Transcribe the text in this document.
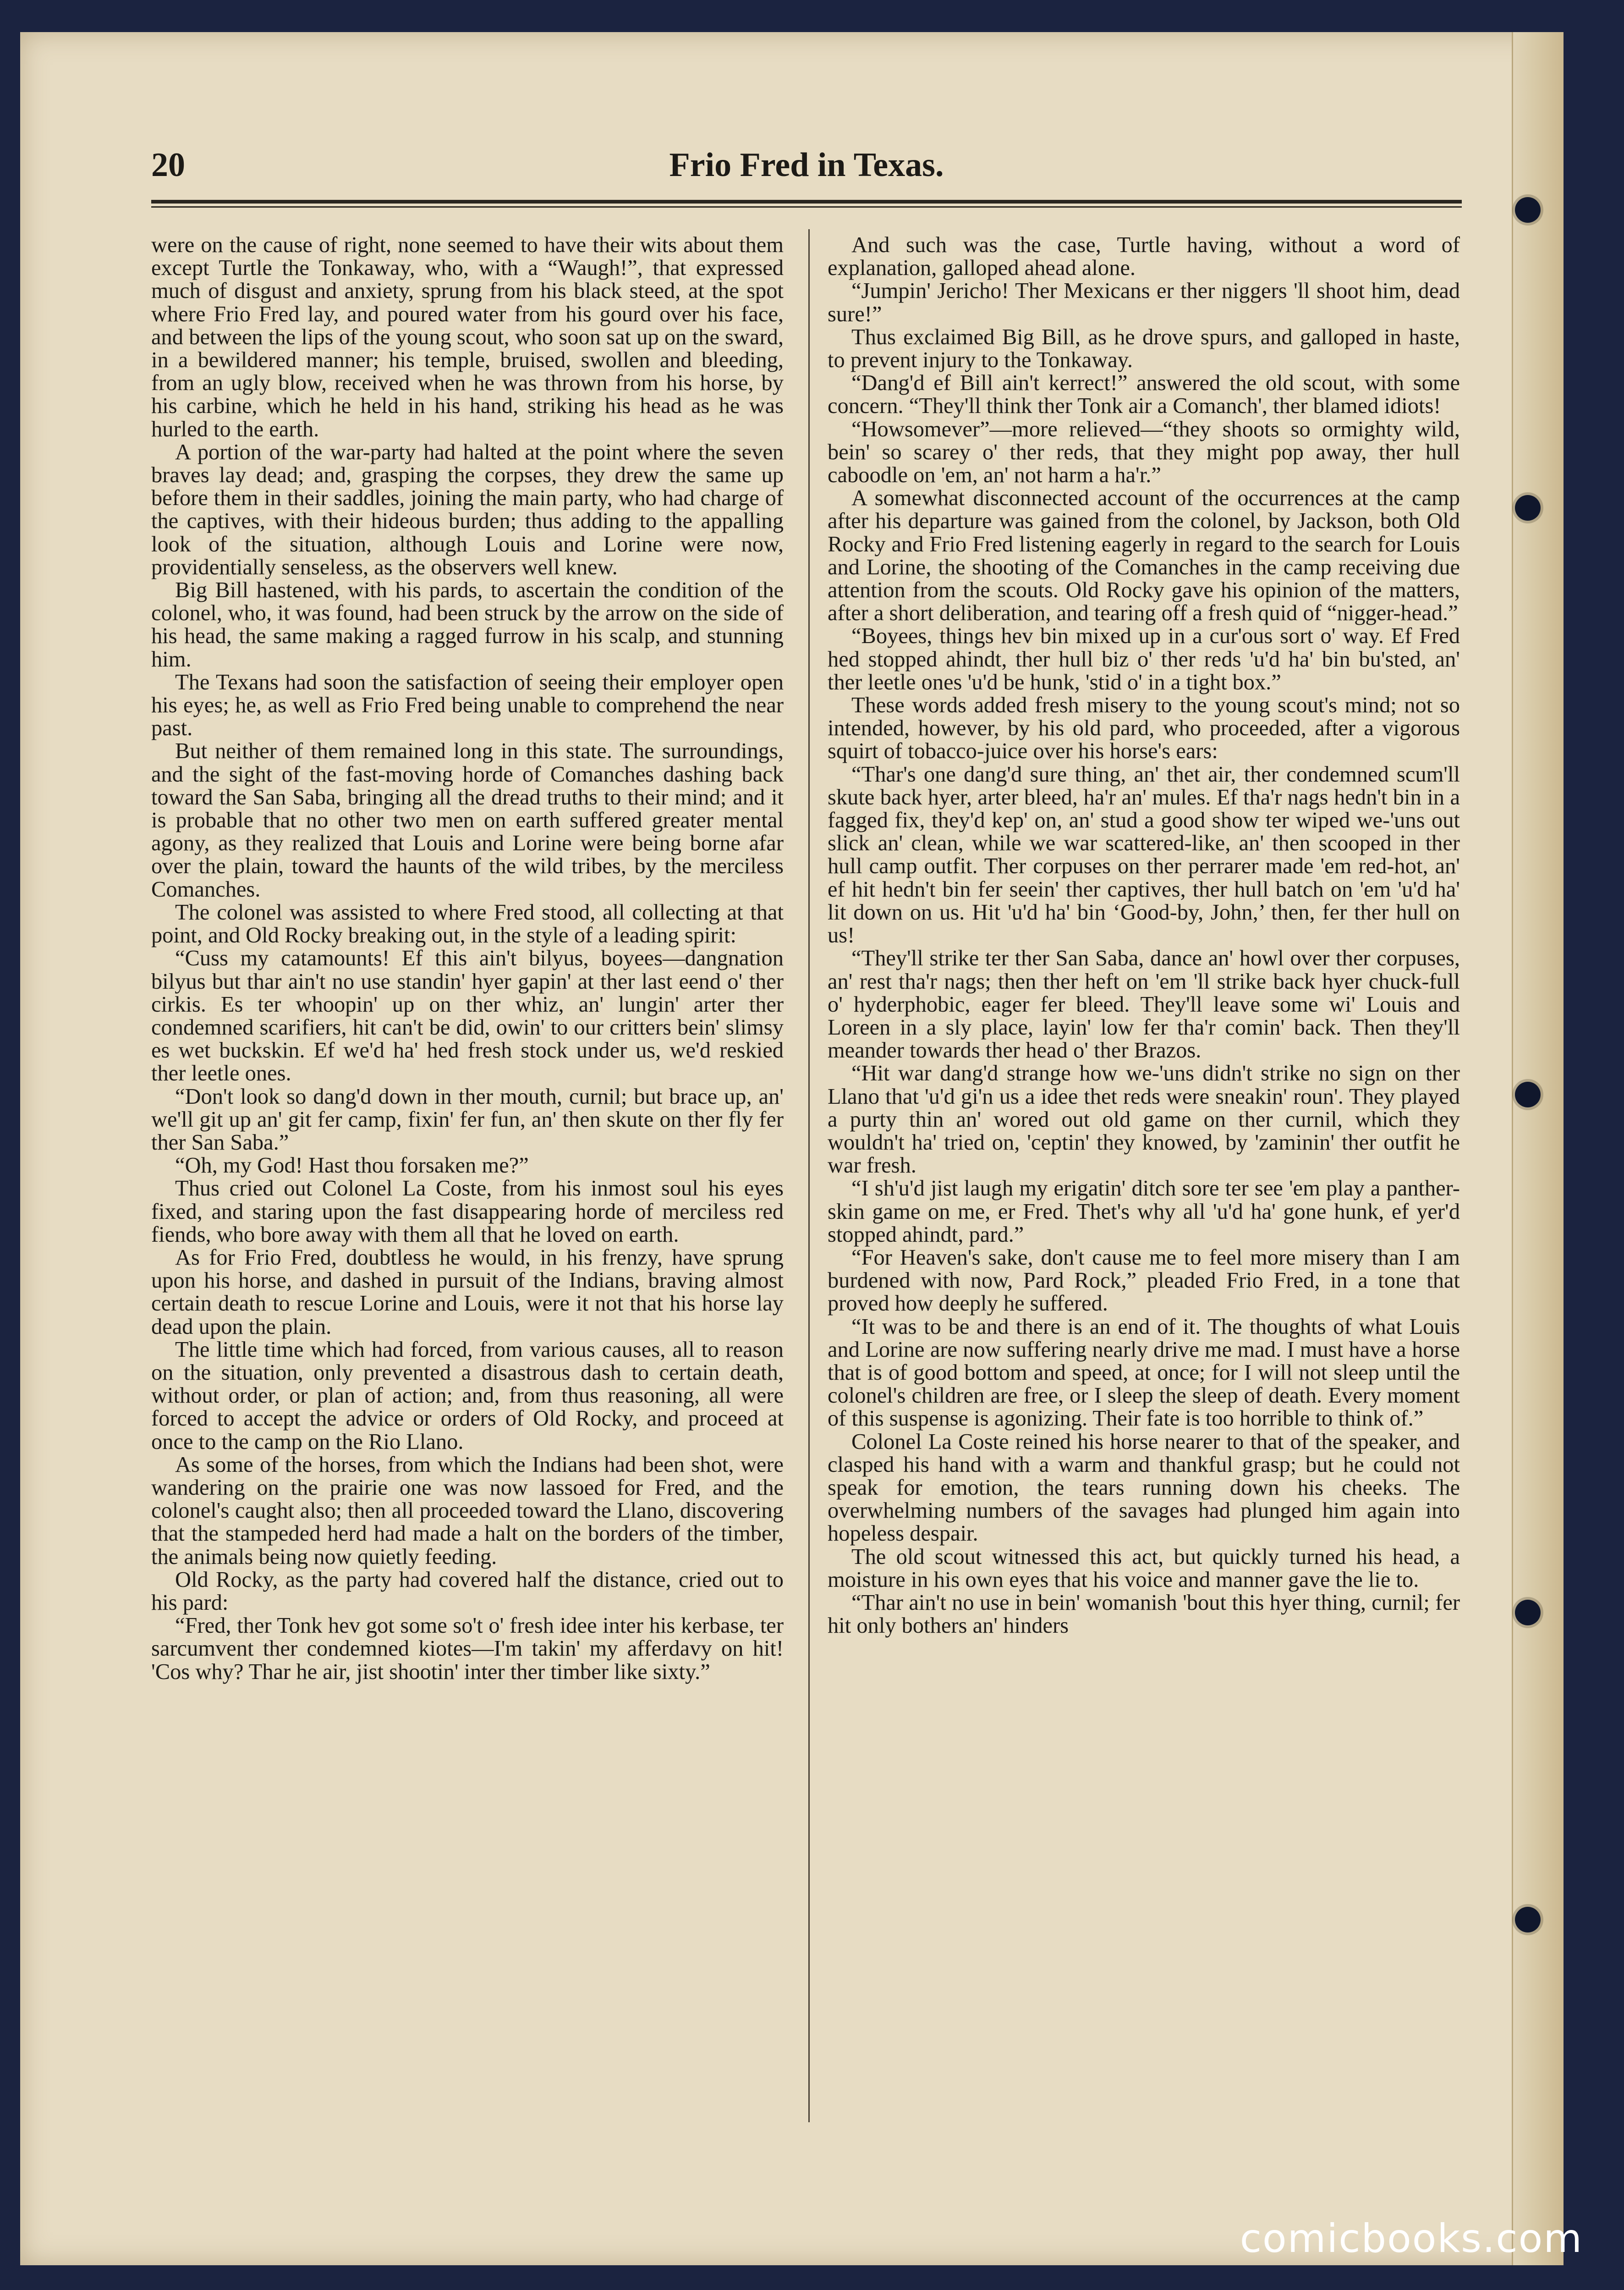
20	Frio Fred in Texas.

were on the cause of right, none seemed to have their wits about them except Turtle the Tonkaway, who, with a “Waugh!”, that expressed much of disgust and anxiety, sprung from his black steed, at the spot where Frio Fred lay, and poured water from his gourd over his face, and between the lips of the young scout, who soon sat up on the sward, in a bewildered manner; his temple, bruised, swollen and bleeding, from an ugly blow, received when he was thrown from his horse, by his carbine, which he held in his hand, striking his head as he was hurled to the earth.

A portion of the war-party had halted at the point where the seven braves lay dead; and, grasping the corpses, they drew the same up before them in their saddles, joining the main party, who had charge of the captives, with their hideous burden; thus adding to the appalling look of the situation, although Louis and Lorine were now, providentially senseless, as the observers well knew.

Big Bill hastened, with his pards, to ascertain the condition of the colonel, who, it was found, had been struck by the arrow on the side of his head, the same making a ragged furrow in his scalp, and stunning him.

The Texans had soon the satisfaction of seeing their employer open his eyes; he, as well as Frio Fred being unable to comprehend the near past.

But neither of them remained long in this state. The surroundings, and the sight of the fast-moving horde of Comanches dashing back toward the San Saba, bringing all the dread truths to their mind; and it is probable that no other two men on earth suffered greater mental agony, as they realized that Louis and Lorine were being borne afar over the plain, toward the haunts of the wild tribes, by the merciless Comanches.

The colonel was assisted to where Fred stood, all collecting at that point, and Old Rocky breaking out, in the style of a leading spirit:

“Cuss my catamounts! Ef this ain't bilyus, boyees—dangnation bilyus but thar ain't no use standin' hyer gapin' at ther last eend o' ther cirkis. Es ter whoopin' up on ther whiz, an' lungin' arter ther condemned scarifiers, hit can't be did, owin' to our critters bein' slimsy es wet buckskin. Ef we'd ha' hed fresh stock under us, we'd reskied ther leetle ones.

“Don't look so dang'd down in ther mouth, curnil; but brace up, an' we'll git up an' git fer camp, fixin' fer fun, an' then skute on ther fly fer ther San Saba.”

“Oh, my God! Hast thou forsaken me?”

Thus cried out Colonel La Coste, from his inmost soul his eyes fixed, and staring upon the fast disappearing horde of merciless red fiends, who bore away with them all that he loved on earth.

As for Frio Fred, doubtless he would, in his frenzy, have sprung upon his horse, and dashed in pursuit of the Indians, braving almost certain death to rescue Lorine and Louis, were it not that his horse lay dead upon the plain.

The little time which had forced, from various causes, all to reason on the situation, only prevented a disastrous dash to certain death, without order, or plan of action; and, from thus reasoning, all were forced to accept the advice or orders of Old Rocky, and proceed at once to the camp on the Rio Llano.

As some of the horses, from which the Indians had been shot, were wandering on the prairie one was now lassoed for Fred, and the colonel's caught also; then all proceeded toward the Llano, discovering that the stampeded herd had made a halt on the borders of the timber, the animals being now quietly feeding.

Old Rocky, as the party had covered half the distance, cried out to his pard:

“Fred, ther Tonk hev got some so't o' fresh idee inter his kerbase, ter sarcumvent ther condemned kiotes—I'm takin' my afferdavy on hit! 'Cos why? Thar he air, jist shootin' inter ther timber like sixty.”

And such was the case, Turtle having, without a word of explanation, galloped ahead alone.

“Jumpin' Jericho! Ther Mexicans er ther niggers 'll shoot him, dead sure!”

Thus exclaimed Big Bill, as he drove spurs, and galloped in haste, to prevent injury to the Tonkaway.

“Dang'd ef Bill ain't kerrect!” answered the old scout, with some concern. “They'll think ther Tonk air a Comanch', ther blamed idiots!

“Howsomever”—more relieved—“they shoots so ormighty wild, bein' so scarey o' ther reds, that they might pop away, ther hull caboodle on 'em, an' not harm a ha'r.”

A somewhat disconnected account of the occurrences at the camp after his departure was gained from the colonel, by Jackson, both Old Rocky and Frio Fred listening eagerly in regard to the search for Louis and Lorine, the shooting of the Comanches in the camp receiving due attention from the scouts. Old Rocky gave his opinion of the matters, after a short deliberation, and tearing off a fresh quid of “nigger-head.”

“Boyees, things hev bin mixed up in a cur'ous sort o' way. Ef Fred hed stopped ahindt, ther hull biz o' ther reds 'u'd ha' bin bu'sted, an' ther leetle ones 'u'd be hunk, 'stid o' in a tight box.”

These words added fresh misery to the young scout's mind; not so intended, however, by his old pard, who proceeded, after a vigorous squirt of tobacco-juice over his horse's ears:

“Thar's one dang'd sure thing, an' thet air, ther condemned scum'll skute back hyer, arter bleed, ha'r an' mules. Ef tha'r nags hedn't bin in a fagged fix, they'd kep' on, an' stud a good show ter wiped we-'uns out slick an' clean, while we war scattered-like, an' then scooped in ther hull camp outfit. Ther corpuses on ther perrarer made 'em red-hot, an' ef hit hedn't bin fer seein' ther captives, ther hull batch on 'em 'u'd ha' lit down on us. Hit 'u'd ha' bin ‘Good-by, John,’ then, fer ther hull on us!

“They'll strike ter ther San Saba, dance an' howl over ther corpuses, an' rest tha'r nags; then ther heft on 'em 'll strike back hyer chuck-full o' hyderphobic, eager fer bleed. They'll leave some wi' Louis and Loreen in a sly place, layin' low fer tha'r comin' back. Then they'll meander towards ther head o' ther Brazos.

“Hit war dang'd strange how we-'uns didn't strike no sign on ther Llano that 'u'd gi'n us a idee thet reds were sneakin' roun'. They played a purty thin an' wored out old game on ther curnil, which they wouldn't ha' tried on, 'ceptin' they knowed, by 'zaminin' ther outfit he war fresh.

“I sh'u'd jist laugh my erigatin' ditch sore ter see 'em play a panther-skin game on me, er Fred. Thet's why all 'u'd ha' gone hunk, ef yer'd stopped ahindt, pard.”

“For Heaven's sake, don't cause me to feel more misery than I am burdened with now, Pard Rock,” pleaded Frio Fred, in a tone that proved how deeply he suffered.

“It was to be and there is an end of it. The thoughts of what Louis and Lorine are now suffering nearly drive me mad. I must have a horse that is of good bottom and speed, at once; for I will not sleep until the colonel's children are free, or I sleep the sleep of death. Every moment of this suspense is agonizing. Their fate is too horrible to think of.”

Colonel La Coste reined his horse nearer to that of the speaker, and clasped his hand with a warm and thankful grasp; but he could not speak for emotion, the tears running down his cheeks. The overwhelming numbers of the savages had plunged him again into hopeless despair.

The old scout witnessed this act, but quickly turned his head, a moisture in his own eyes that his voice and manner gave the lie to.

“Thar ain't no use in bein' womanish 'bout this hyer thing, curnil; fer hit only bothers an' hinders

comicbooks.com
